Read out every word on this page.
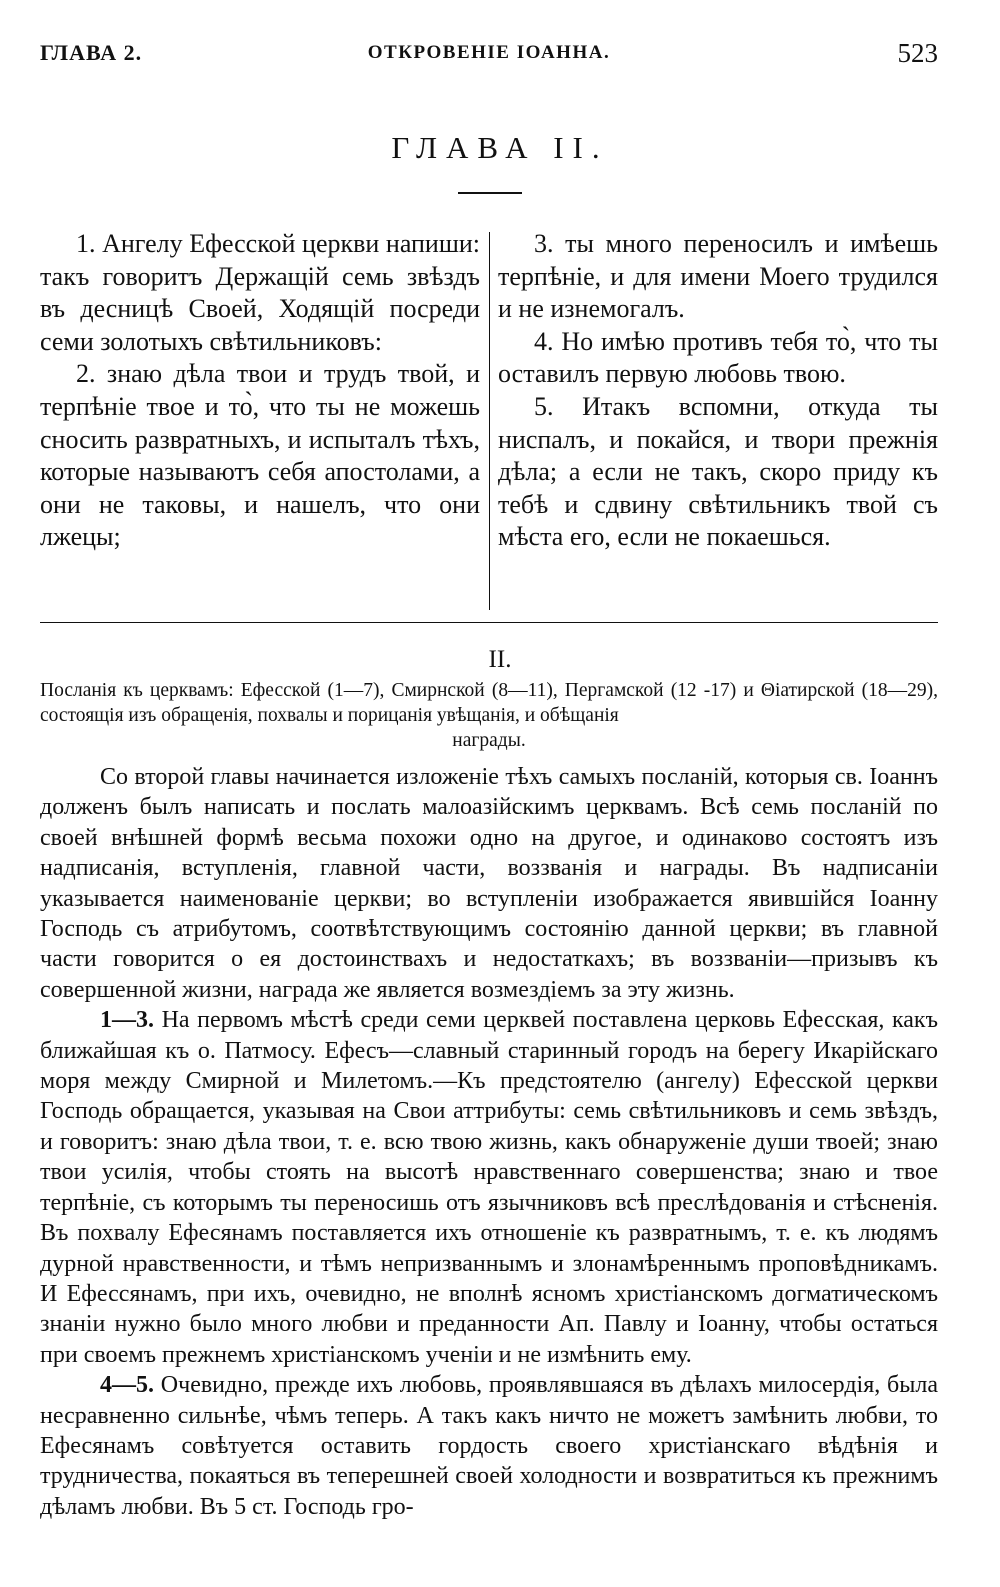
ГЛАВА 2.	ОТКРОВЕНІЕ ІОАННА.	523
ГЛАВА II.

1. Ангелу Ефесской церкви напиши: такъ говоритъ Держащій семь звѣздъ въ десницѣ Своей, Ходящій посреди семи золотыхъ свѣтильниковъ:

2. знаю дѣла твои и трудъ твой, и терпѣніе твое и то̀, что ты не можешь сносить развратныхъ, и испыталъ тѣхъ, которые называютъ себя апостолами, а они не таковы, и нашелъ, что они лжецы;

3. ты много переносилъ и имѣешь терпѣніе, и для имени Моего трудился и не изнемогалъ.

4. Но имѣю противъ тебя то̀, что ты оставилъ первую любовь твою.

5. Итакъ вспомни, откуда ты ниспалъ, и покайся, и твори прежнія дѣла; а если не такъ, скоро приду къ тебѣ и сдвину свѣтильникъ твой съ мѣста его, если не покаешься.

II.
Посланія къ церквамъ: Ефесской (1—7), Смирнской (8—11), Пергамской (12 -17) и Θіатирской (18—29), состоящія изъ обращенія, похвалы и порицанія увѣщанія, и обѣщанія
награды.

Со второй главы начинается изложеніе тѣхъ самыхъ посланій, которыя св. Іоаннъ долженъ былъ написать и послать малоазійскимъ церквамъ. Всѣ семь посланій по своей внѣшней формѣ весьма похожи одно на другое, и одинаково состоятъ изъ надписанія, вступленія, главной части, воззванія и награды. Въ надписаніи указывается наименованіе церкви; во вступленіи изображается явившійся Іоанну Господь съ атрибутомъ, соотвѣтствующимъ состоянію данной церкви; въ главной части говорится о ея достоинствахъ и недостаткахъ; въ воззваніи—призывъ къ совершенной жизни, награда же является возмездіемъ за эту жизнь.

1—3. На первомъ мѣстѣ среди семи церквей поставлена церковь Ефесская, какъ ближайшая къ о. Патмосу. Ефесъ—славный старинный городъ на берегу Икарійскаго моря между Смирной и Милетомъ.—Къ предстоятелю (ангелу) Ефесской церкви Господь обращается, указывая на Свои аттрибуты: семь свѣтильниковъ и семь звѣздъ, и говоритъ: знаю дѣла твои, т. е. всю твою жизнь, какъ обнаруженіе души твоей; знаю твои усилія, чтобы стоять на высотѣ нравственнаго совершенства; знаю и твое терпѣніе, съ которымъ ты переносишь отъ язычниковъ всѣ преслѣдованія и стѣсненія. Въ похвалу Ефесянамъ поставляется ихъ отношеніе къ развратнымъ, т. е. къ людямъ дурной нравственности, и тѣмъ непризваннымъ и злонамѣреннымъ проповѣдникамъ. И Ефессянамъ, при ихъ, очевидно, не вполнѣ ясномъ христіанскомъ догматическомъ знаніи нужно было много любви и преданности Ап. Павлу и Іоанну, чтобы остаться при своемъ прежнемъ христіанскомъ ученіи и не измѣнить ему.

4—5. Очевидно, прежде ихъ любовь, проявлявшаяся въ дѣлахъ милосердія, была несравненно сильнѣе, чѣмъ теперь. А такъ какъ ничто не можетъ замѣнить любви, то Ефесянамъ совѣтуется оставить гордость своего христіанскаго вѣдѣнія и трудничества, покаяться въ теперешней своей холодности и возвратиться къ прежнимъ дѣламъ любви. Въ 5 ст. Господь гро-
